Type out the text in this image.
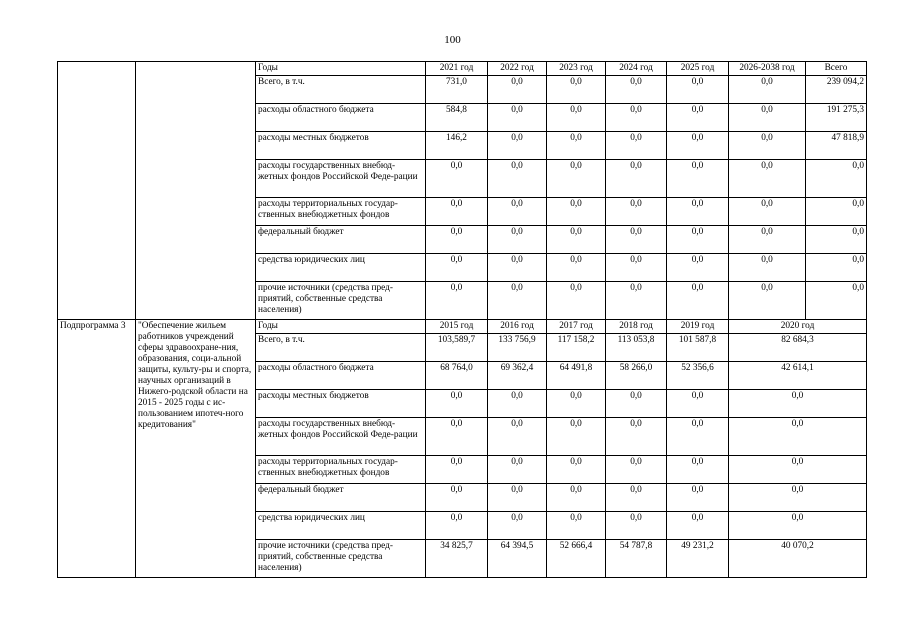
100
		Годы	2021 год	2022 год	2023 год	2024 год	2025 год	2026-2038 год	Всего
		Всего, в т.ч.	731,0	0,0	0,0	0,0	0,0	0,0	239 094,2
		расходы областного бюджета	584,8	0,0	0,0	0,0	0,0	0,0	191 275,3
		расходы местных бюджетов	146,2	0,0	0,0	0,0	0,0	0,0	47 818,9
		расходы государственных внебюд-жетных фондов Российской Феде-рации	0,0	0,0	0,0	0,0	0,0	0,0	0,0
		расходы территориальных государ-ственных внебюджетных фондов	0,0	0,0	0,0	0,0	0,0	0,0	0,0
		федеральный бюджет	0,0	0,0	0,0	0,0	0,0	0,0	0,0
		средства юридических лиц	0,0	0,0	0,0	0,0	0,0	0,0	0,0
		прочие источники (средства пред-приятий, собственные средства населения)	0,0	0,0	0,0	0,0	0,0	0,0	0,0
Подпрограмма 3	"Обеспечение жильем работников учреждений сферы здравоохране-ния, образования, соци-альной защиты, культу-ры и спорта, научных организаций в Нижего-родской области на 2015 - 2025 годы с ис-пользованием ипотеч-ного кредитования"	Годы	2015 год	2016 год	2017 год	2018 год	2019 год	2020 год	
		Всего, в т.ч.	103,589,7	133 756,9	117 158,2	113 053,8	101 587,8	82 684,3	
		расходы областного бюджета	68 764,0	69 362,4	64 491,8	58 266,0	52 356,6	42 614,1	
		расходы местных бюджетов	0,0	0,0	0,0	0,0	0,0	0,0	
		расходы государственных внебюд-жетных фондов Российской Феде-рации	0,0	0,0	0,0	0,0	0,0	0,0	
		расходы территориальных государ-ственных внебюджетных фондов	0,0	0,0	0,0	0,0	0,0	0,0	
		федеральный бюджет	0,0	0,0	0,0	0,0	0,0	0,0	
		средства юридических лиц	0,0	0,0	0,0	0,0	0,0	0,0	
		прочие источники (средства пред-приятий, собственные средства населения)	34 825,7	64 394,5	52 666,4	54 787,8	49 231,2	40 070,2	
